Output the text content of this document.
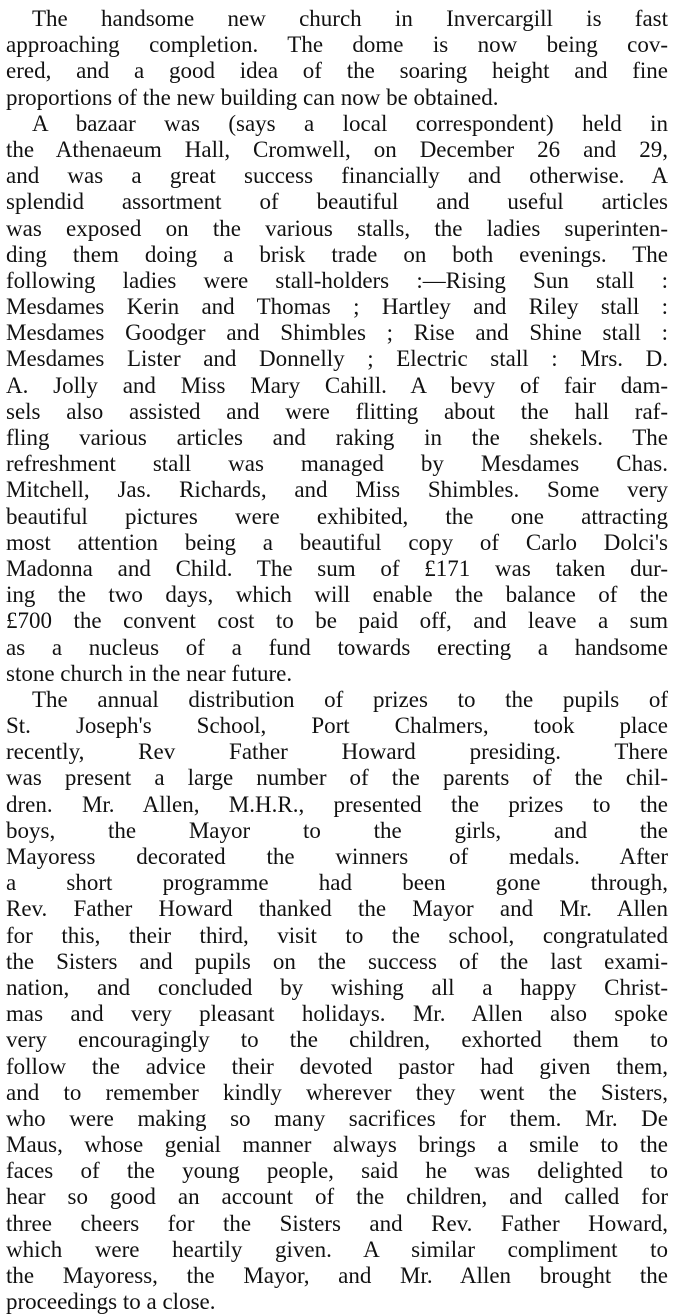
The handsome new church in Invercargill is fast
approaching completion. The dome is now being cov-
ered, and a good idea of the soaring height and fine
proportions of the new building can now be obtained.
A bazaar was (says a local correspondent) held in
the Athenaeum Hall, Cromwell, on December 26 and 29,
and was a great success financially and otherwise. A
splendid assortment of beautiful and useful articles
was exposed on the various stalls, the ladies superinten-
ding them doing a brisk trade on both evenings. The
following ladies were stall-holders :—Rising Sun stall :
Mesdames Kerin and Thomas ; Hartley and Riley stall :
Mesdames Goodger and Shimbles ; Rise and Shine stall :
Mesdames Lister and Donnelly ; Electric stall : Mrs. D.
A. Jolly and Miss Mary Cahill. A bevy of fair dam-
sels also assisted and were flitting about the hall raf-
fling various articles and raking in the shekels. The
refreshment stall was managed by Mesdames Chas.
Mitchell, Jas. Richards, and Miss Shimbles. Some very
beautiful pictures were exhibited, the one attracting
most attention being a beautiful copy of Carlo Dolci's
Madonna and Child. The sum of £171 was taken dur-
ing the two days, which will enable the balance of the
£700 the convent cost to be paid off, and leave a sum
as a nucleus of a fund towards erecting a handsome
stone church in the near future.
The annual distribution of prizes to the pupils of
St. Joseph's School, Port Chalmers, took place
recently, Rev Father Howard presiding. There
was present a large number of the parents of the chil-
dren. Mr. Allen, M.H.R., presented the prizes to the
boys, the Mayor to the girls, and the
Mayoress decorated the winners of medals. After
a short programme had been gone through,
Rev. Father Howard thanked the Mayor and Mr. Allen
for this, their third, visit to the school, congratulated
the Sisters and pupils on the success of the last exami-
nation, and concluded by wishing all a happy Christ-
mas and very pleasant holidays. Mr. Allen also spoke
very encouragingly to the children, exhorted them to
follow the advice their devoted pastor had given them,
and to remember kindly wherever they went the Sisters,
who were making so many sacrifices for them. Mr. De
Maus, whose genial manner always brings a smile to the
faces of the young people, said he was delighted to
hear so good an account of the children, and called for
three cheers for the Sisters and Rev. Father Howard,
which were heartily given. A similar compliment to
the Mayoress, the Mayor, and Mr. Allen brought the
proceedings to a close.
